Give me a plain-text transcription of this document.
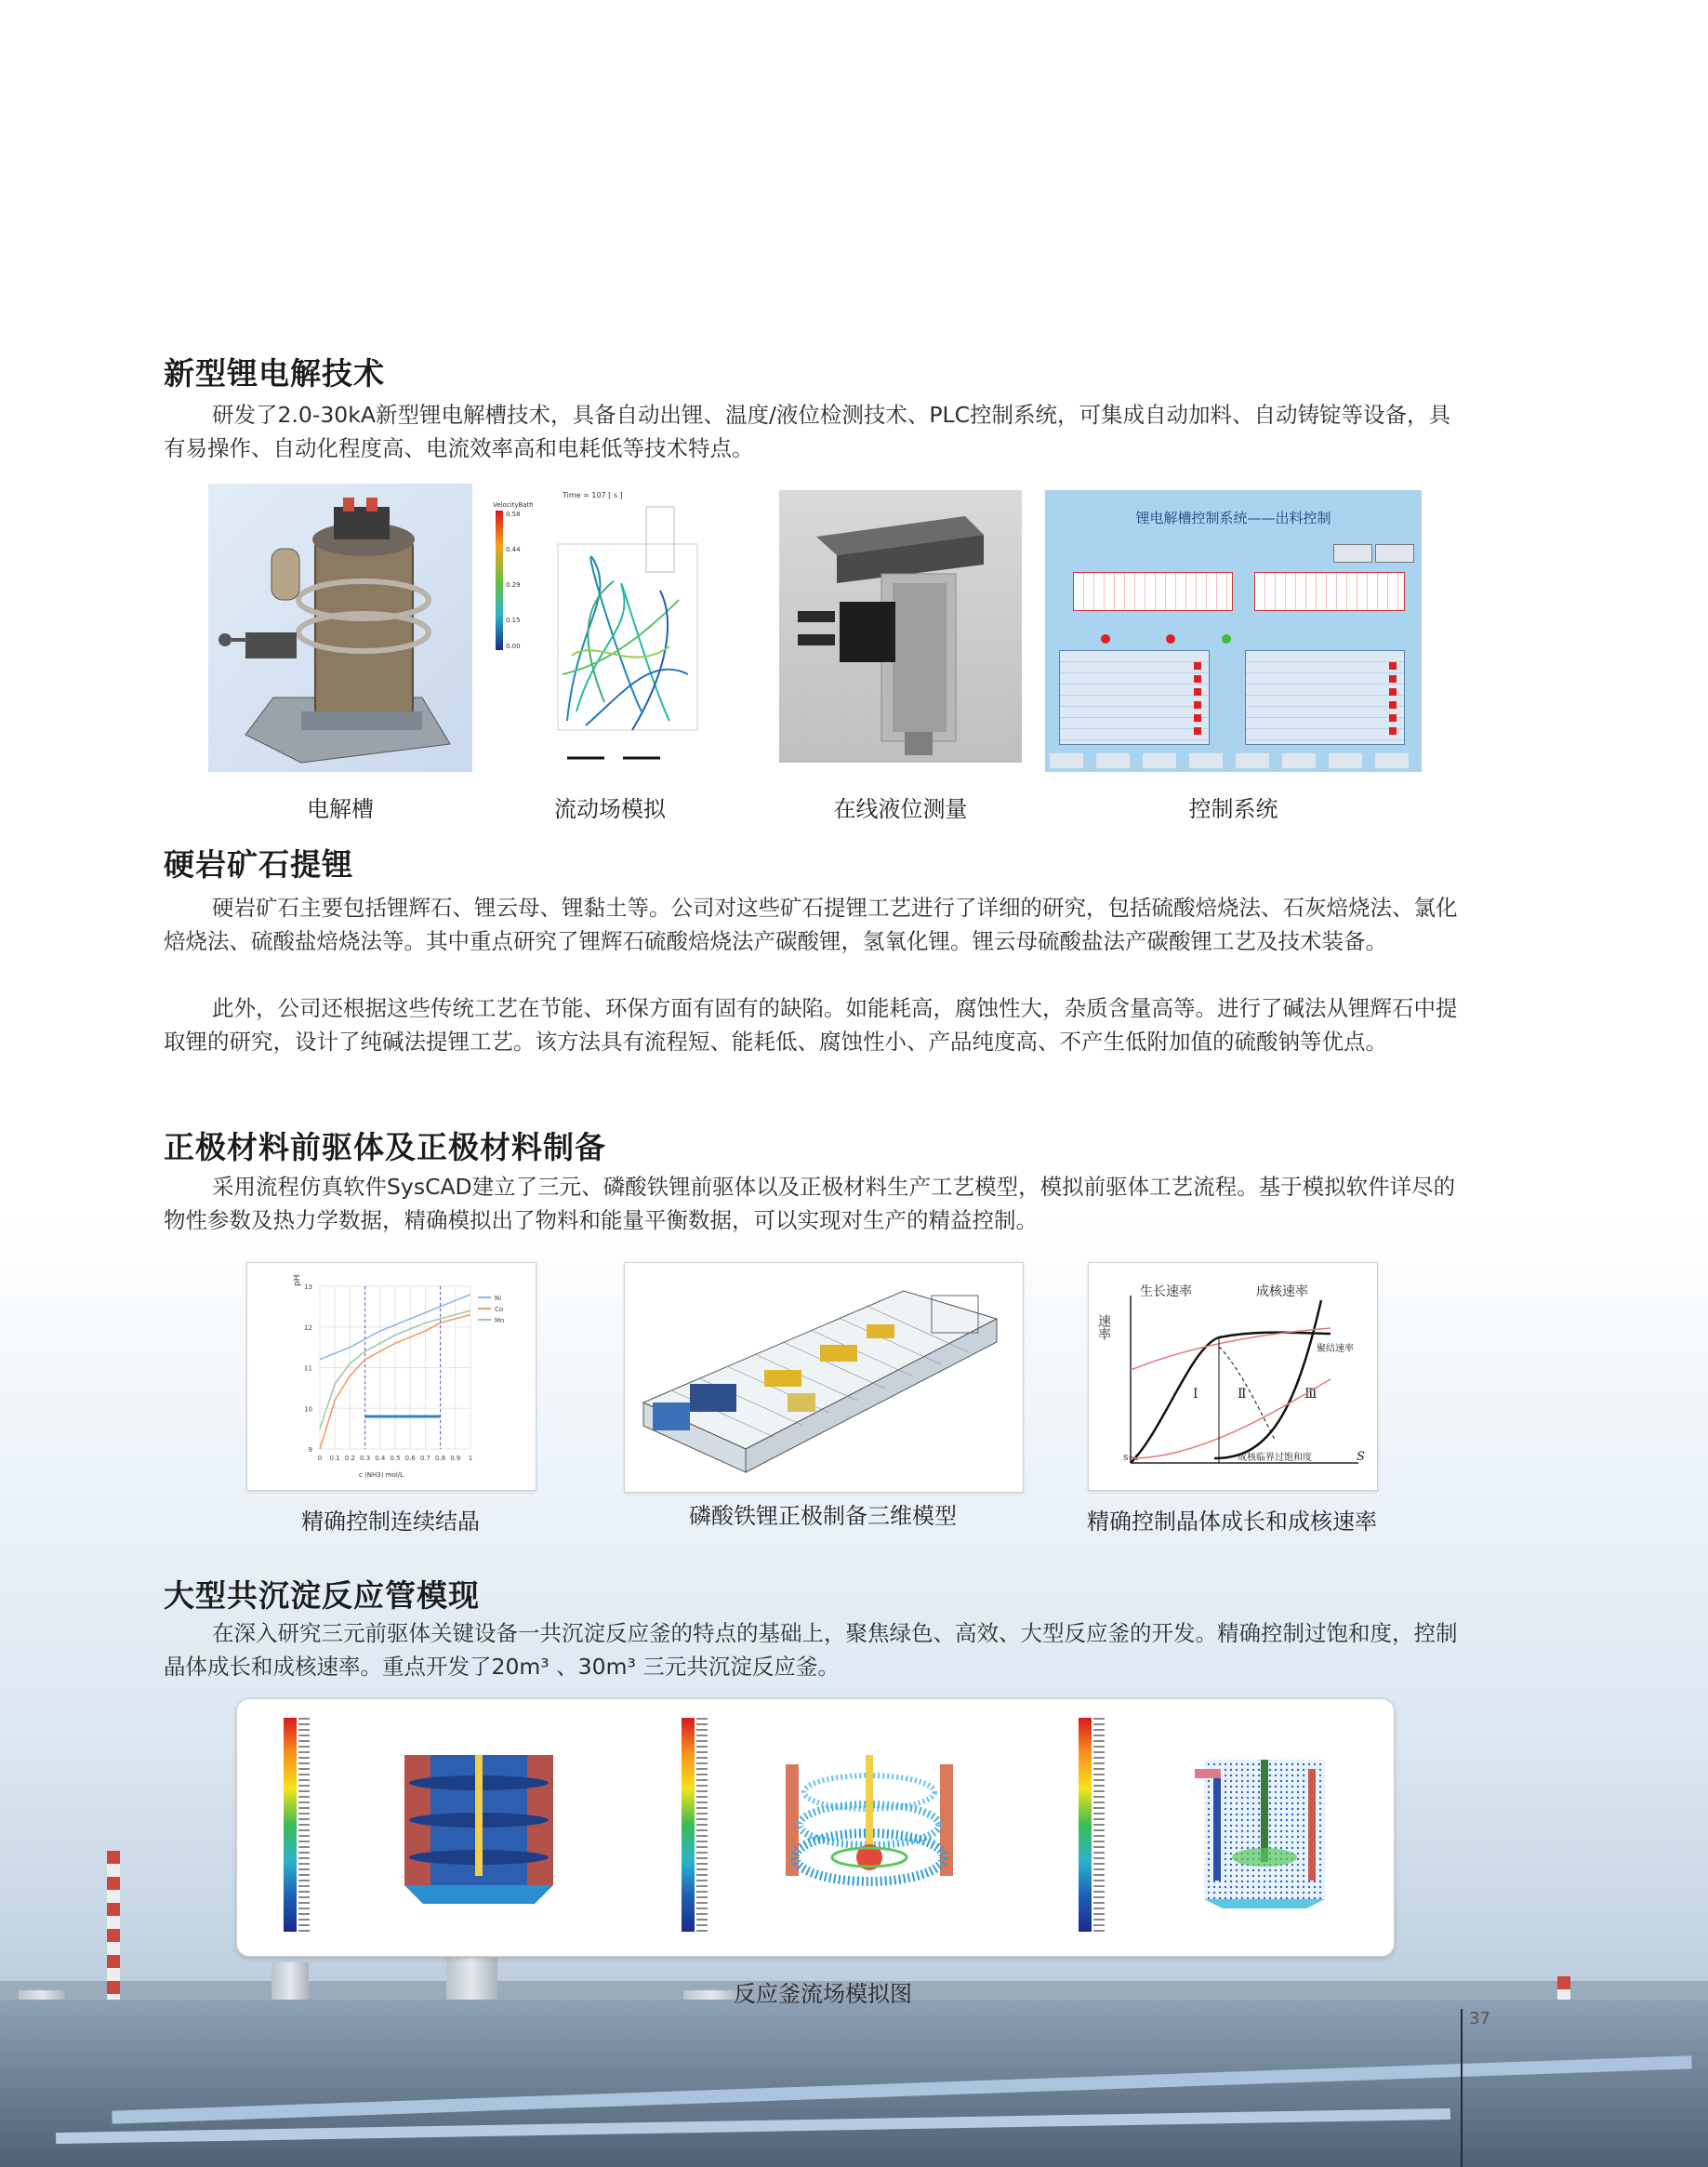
37
新型锂电解技术

研发了2.0-30kA新型锂电解槽技术，具备自动出锂、温度/液位检测技术、PLC控制系统，可集成自动加料、自动铸锭等设备，具有易操作、自动化程度高、电流效率高和电耗低等技术特点。

Time = 107 [ s ]
VelocityBath
0.58
0.44
0.29
0.15
0.00
锂电解槽控制系统——出料控制
电解槽	流动场模拟	在线液位测量	控制系统
硬岩矿石提锂

硬岩矿石主要包括锂辉石、锂云母、锂黏土等。公司对这些矿石提锂工艺进行了详细的研究，包括硫酸焙烧法、石灰焙烧法、氯化焙烧法、硫酸盐焙烧法等。其中重点研究了锂辉石硫酸焙烧法产碳酸锂，氢氧化锂。锂云母硫酸盐法产碳酸锂工艺及技术装备。

此外，公司还根据这些传统工艺在节能、环保方面有固有的缺陷。如能耗高，腐蚀性大，杂质含量高等。进行了碱法从锂辉石中提取锂的研究，设计了纯碱法提锂工艺。该方法具有流程短、能耗低、腐蚀性小、产品纯度高、不产生低附加值的硫酸钠等优点。

正极材料前驱体及正极材料制备

采用流程仿真软件SysCAD建立了三元、磷酸铁锂前驱体以及正极材料生产工艺模型，模拟前驱体工艺流程。基于模拟软件详尽的物性参数及热力学数据，精确模拟出了物料和能量平衡数据，可以实现对生产的精益控制。

pH
c (NH3) mol/L
0 0.1 0.2 0.3 0.4 0.5 0.6 0.7 0.8 0.9 1
13
12
11
10
9
Ni
Co
Mn	速率
生长速率	成核速率
聚结速率
成核临界过饱和度	S
S=1
Ⅰ	Ⅱ	Ⅲ
精确控制连续结晶	磷酸铁锂正极制备三维模型	精确控制晶体成长和成核速率
大型共沉淀反应管模现

在深入研究三元前驱体关键设备一共沉淀反应釜的特点的基础上，聚焦绿色、高效、大型反应釜的开发。精确控制过饱和度，控制晶体成长和成核速率。重点开发了20m³ 、30m³ 三元共沉淀反应釜。

反应釜流场模拟图
